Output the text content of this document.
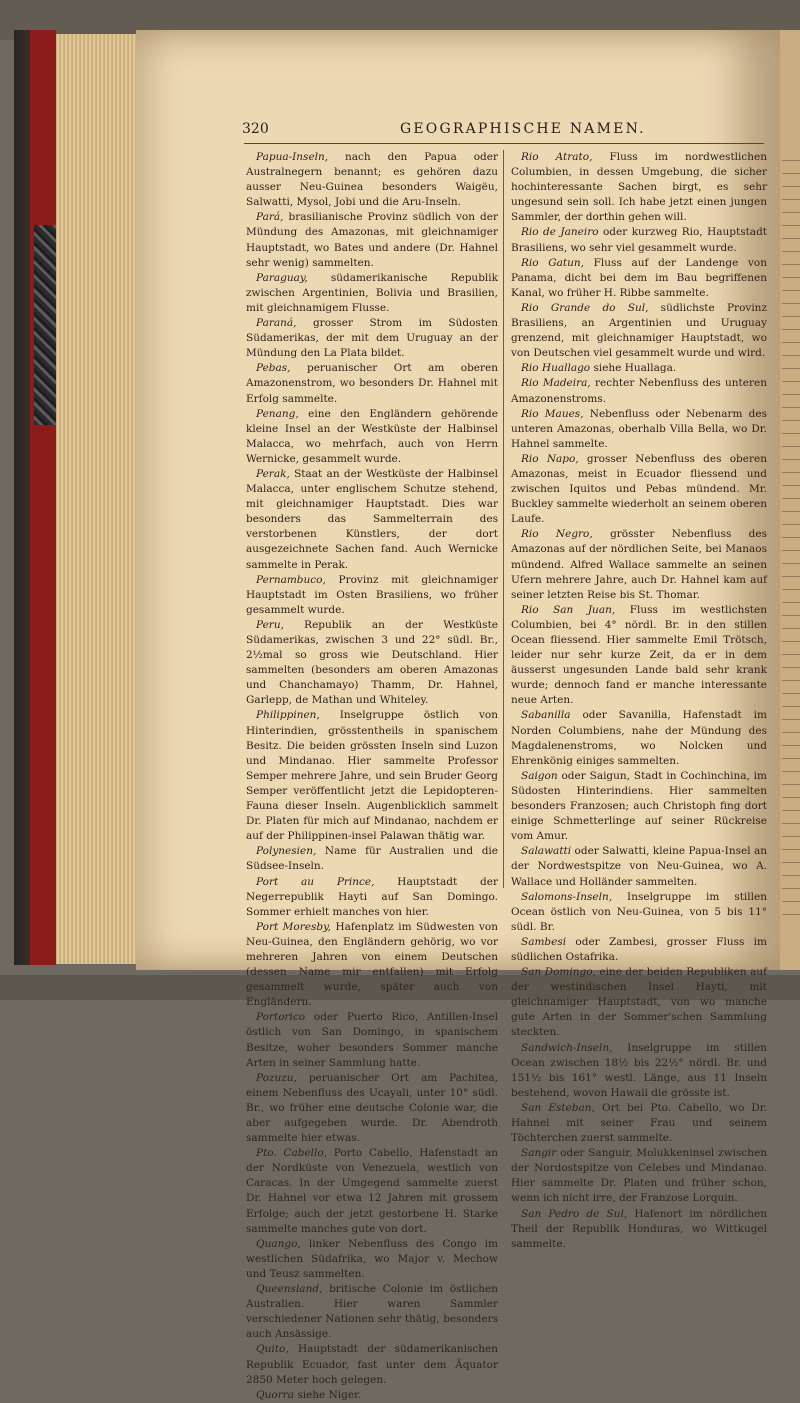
320	GEOGRAPHISCHE NAMEN.

Papua-Inseln, nach den Papua oder Australnegern benannt; es gehören dazu ausser Neu-Guinea besonders Waigëu, Salwatti, Mysol, Jobi und die Aru-Inseln.

Pará, brasilianische Provinz südlich von der Mündung des Amazonas, mit gleichnamiger Hauptstadt, wo Bates und andere (Dr. Hahnel sehr wenig) sammelten.

Paraguay, südamerikanische Republik zwischen Argentinien, Bolivia und Brasilien, mit gleichnamigem Flusse.

Paraná, grosser Strom im Südosten Südamerikas, der mit dem Uruguay an der Mündung den La Plata bildet.

Pebas, peruanischer Ort am oberen Amazonenstrom, wo besonders Dr. Hahnel mit Erfolg sammelte.

Penang, eine den Engländern gehörende kleine Insel an der Westküste der Halbinsel Malacca, wo mehrfach, auch von Herrn Wernicke, gesammelt wurde.

Perak, Staat an der Westküste der Halbinsel Malacca, unter englischem Schutze stehend, mit gleichnamiger Hauptstadt. Dies war besonders das Sammelterrain des verstorbenen Künstlers, der dort ausgezeichnete Sachen fand. Auch Wernicke sammelte in Perak.

Pernambuco, Provinz mit gleichnamiger Hauptstadt im Osten Brasiliens, wo früher gesammelt wurde.

Peru, Republik an der Westküste Südamerikas, zwischen 3 und 22° südl. Br., 2½mal so gross wie Deutschland. Hier sammelten (besonders am oberen Amazonas und Chanchamayo) Thamm, Dr. Hahnel, Garlepp, de Mathan und Whiteley.

Philippinen, Inselgruppe östlich von Hinterindien, grösstentheils in spanischem Besitz. Die beiden grössten Inseln sind Luzon und Mindanao. Hier sammelte Professor Semper mehrere Jahre, und sein Bruder Georg Semper veröffentlicht jetzt die Lepidopteren-Fauna dieser Inseln. Augenblicklich sammelt Dr. Platen für mich auf Mindanao, nachdem er auf der Philippinen-insel Palawan thätig war.

Polynesien, Name für Australien und die Südsee-Inseln.

Port au Prince, Hauptstadt der Negerrepublik Hayti auf San Domingo. Sommer erhielt manches von hier.

Port Moresby, Hafenplatz im Südwesten von Neu-Guinea, den Engländern gehörig, wo vor mehreren Jahren von einem Deutschen (dessen Name mir entfallen) mit Erfolg gesammelt wurde, später auch von Engländern.

Portorico oder Puerto Rico, Antillen-Insel östlich von San Domingo, in spanischem Besitze, woher besonders Sommer manche Arten in seiner Sammlung hatte.

Pozuzu, peruanischer Ort am Pachitea, einem Nebenfluss des Ucayali, unter 10° südl. Br., wo früher eine deutsche Colonie war, die aber aufgegeben wurde. Dr. Abendroth sammelte hier etwas.

Pto. Cabello, Porto Cabello, Hafenstadt an der Nordküste von Venezuela, westlich von Caracas. In der Umgegend sammelte zuerst Dr. Hahnel vor etwa 12 Jahren mit grossem Erfolge; auch der jetzt gestorbene H. Starke sammelte manches gute von dort.

Quango, linker Nebenfluss des Congo im westlichen Südafrika, wo Major v. Mechow und Teusz sammelten.

Queensland, britische Colonie im östlichen Australien. Hier waren Sammler verschiedener Nationen sehr thätig, besonders auch Ansässige.

Quito, Hauptstadt der südamerikanischen Republik Ecuador, fast unter dem Äquator 2850 Meter hoch gelegen.

Quorra siehe Niger.

Rio Atrato, Fluss im nordwestlichen Columbien, in dessen Umgebung, die sicher hochinteressante Sachen birgt, es sehr ungesund sein soll. Ich habe jetzt einen jungen Sammler, der dorthin gehen will.

Rio de Janeiro oder kurzweg Rio, Hauptstadt Brasiliens, wo sehr viel gesammelt wurde.

Rio Gatun, Fluss auf der Landenge von Panama, dicht bei dem im Bau begriffenen Kanal, wo früher H. Ribbe sammelte.

Rio Grande do Sul, südlichste Provinz Brasiliens, an Argentinien und Uruguay grenzend, mit gleichnamiger Hauptstadt, wo von Deutschen viel gesammelt wurde und wird.

Rio Huallago siehe Huallaga.

Rio Madeira, rechter Nebenfluss des unteren Amazonenstroms.

Rio Maues, Nebenfluss oder Nebenarm des unteren Amazonas, oberhalb Villa Bella, wo Dr. Hahnel sammelte.

Rio Napo, grosser Nebenfluss des oberen Amazonas, meist in Ecuador fliessend und zwischen Iquitos und Pebas mündend. Mr. Buckley sammelte wiederholt an seinem oberen Laufe.

Rio Negro, grösster Nebenfluss des Amazonas auf der nördlichen Seite, bei Manaos mündend. Alfred Wallace sammelte an seinen Ufern mehrere Jahre, auch Dr. Hahnel kam auf seiner letzten Reise bis St. Thomar.

Rio San Juan, Fluss im westlichsten Columbien, bei 4° nördl. Br. in den stillen Ocean fliessend. Hier sammelte Emil Trötsch, leider nur sehr kurze Zeit, da er in dem äusserst ungesunden Lande bald sehr krank wurde; dennoch fand er manche interessante neue Arten.

Sabanilla oder Savanilla, Hafenstadt im Norden Columbiens, nahe der Mündung des Magdalenenstroms, wo Nolcken und Ehrenkönig einiges sammelten.

Saigon oder Saigun, Stadt in Cochinchina, im Südosten Hinterindiens. Hier sammelten besonders Franzosen; auch Christoph fing dort einige Schmetterlinge auf seiner Rückreise vom Amur.

Salawatti oder Salwatti, kleine Papua-Insel an der Nordwestspitze von Neu-Guinea, wo A. Wallace und Holländer sammelten.

Salomons-Inseln, Inselgruppe im stillen Ocean östlich von Neu-Guinea, von 5 bis 11° südl. Br.

Sambesi oder Zambesi, grosser Fluss im südlichen Ostafrika.

San Domingo, eine der beiden Republiken auf der westindischen Insel Hayti, mit gleichnamiger Hauptstadt, von wo manche gute Arten in der Sommer'schen Sammlung steckten.

Sandwich-Inseln, Inselgruppe im stillen Ocean zwischen 18½ bis 22½° nördl. Br. und 151½ bis 161° westl. Länge, aus 11 Inseln bestehend, wovon Hawaii die grösste ist.

San Esteban, Ort bei Pto. Cabello, wo Dr. Hahnel mit seiner Frau und seinem Töchterchen zuerst sammelte.

Sangir oder Sanguir, Molukkeninsel zwischen der Nordostspitze von Celebes und Mindanao. Hier sammelte Dr. Platen und früher schon, wenn ich nicht irre, der Franzose Lorquin.

San Pedro de Sul, Hafenort im nördlichen Theil der Republik Honduras, wo Wittkugel sammelte.
